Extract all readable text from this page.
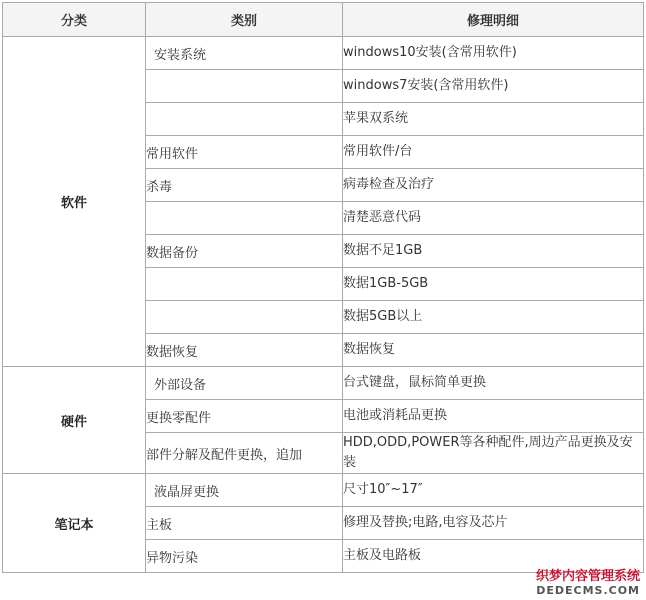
分类	类别	修理明细
软件	安装系统	windows10安装(含常用软件)
		windows7安装(含常用软件)
		苹果双系统
	常用软件	常用软件/台
	杀毒	病毒检查及治疗
		清楚恶意代码
	数据备份	数据不足1GB
		数据1GB-5GB
		数据5GB以上
	数据恢复	数据恢复
硬件	外部设备	台式键盘，鼠标简单更换
	更换零配件	电池或消耗品更换
	部件分解及配件更换，追加	HDD,ODD,POWER等各种配件,周边产品更换及安装
笔记本	液晶屏更换	尺寸10″~17″
	主板	修理及替换;电路,电容及芯片
	异物污染	主板及电路板
织梦内容管理系统
DEDECMS.COM
